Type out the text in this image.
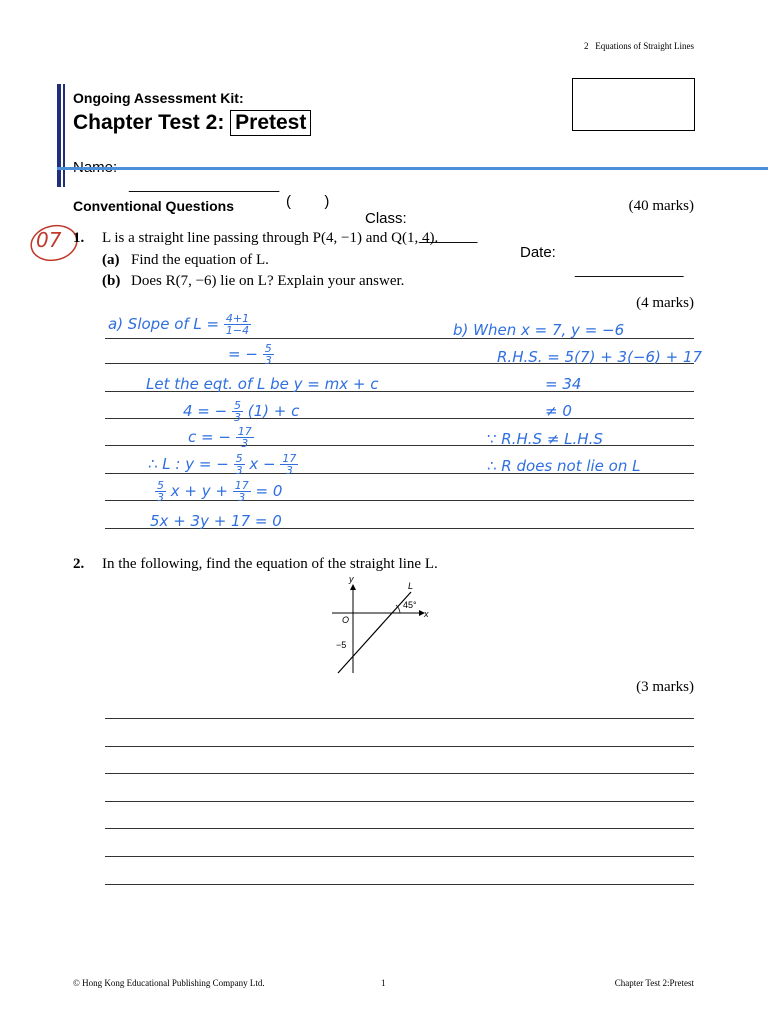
2   Equations of Straight Lines
Ongoing Assessment Kit:
Chapter Test 2: Pretest

__________________

(        )

Class:

_______

Date:

_____________

Conventional Questions	(40 marks)
07 1. L is a straight line passing through P(4, −1) and Q(1, 4).
(a) Find the equation of L.
(b) Does R(7, −6) lie on L? Explain your answer.
(4 marks)
a) Slope of $L = \frac{4+1}{1-4}$
= − $\frac{5}{3}$
Let the eqt. of L be y = mx + c
4 = − $\frac{5}{3} (1) + c$
c = − $\frac{17}{3}$
∴ L : y = − $\frac{5}{3}$ $x - \frac{17}{3}$
$\frac{5}{3}$ $x + y + \frac{17}{3} = 0$
5x + 3y + 17 = 0
b) When x = 7, y = −6
R.H.S. = 5(7) + 3(−6) + 17
= 34
≠ 0
∵ R.H.S ≠ L.H.S
∴ R does not lie on L
2. In the following, find the equation of the straight line L.
y
x
L
45°
O
−5
(3 marks)
© Hong Kong Educational Publishing Company Ltd.	1	Chapter Test 2:Pretest
